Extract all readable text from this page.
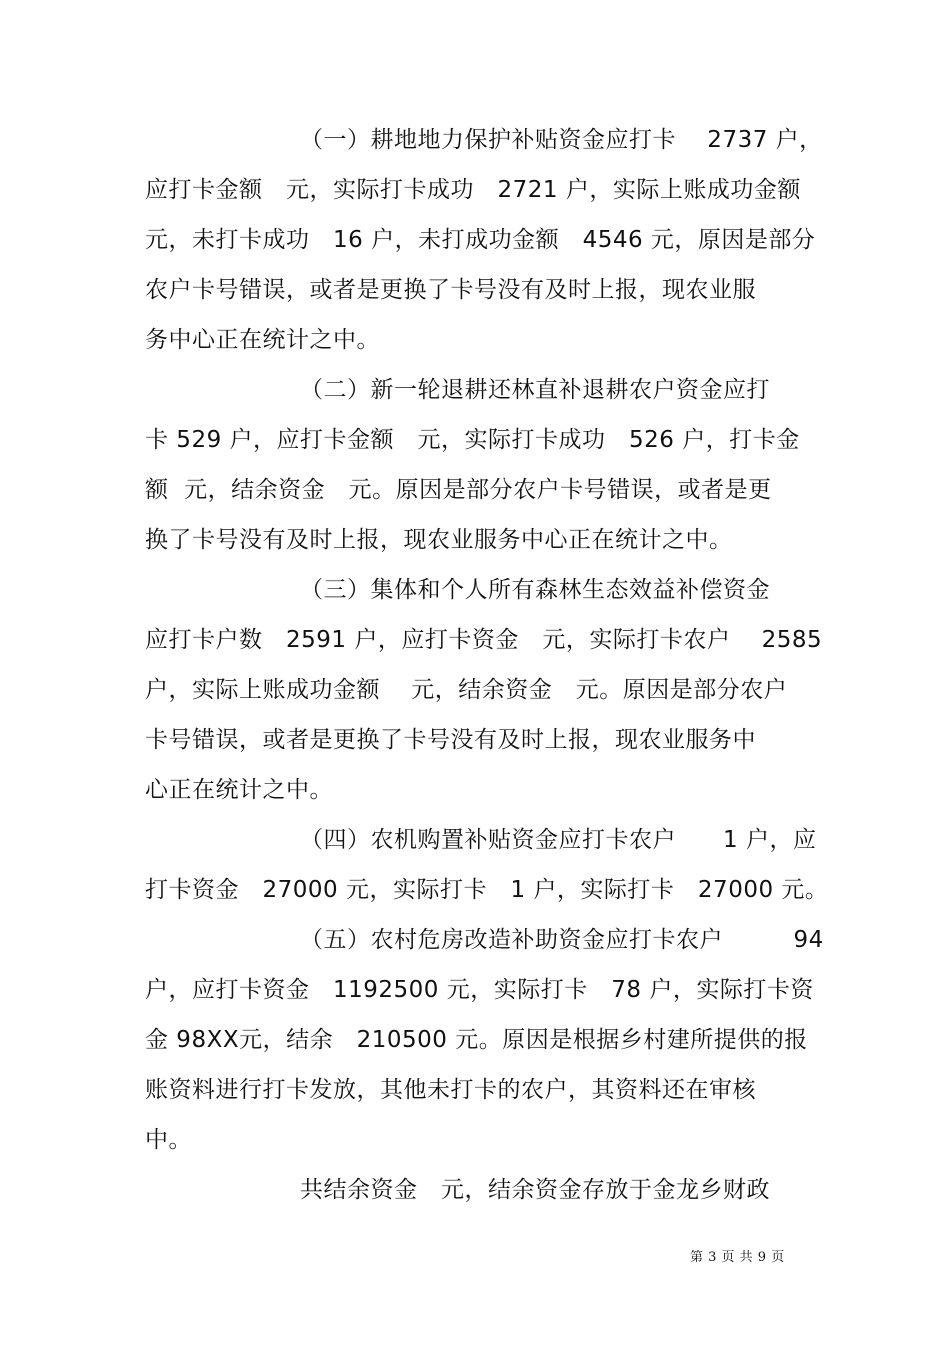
（一）耕地地力保护补贴资金应打卡　 2737 户，
应打卡金额　元，实际打卡成功　2721 户，实际上账成功金额
元，未打卡成功　16 户，未打成功金额　4546 元，原因是部分
农户卡号错误，或者是更换了卡号没有及时上报，现农业服
务中心正在统计之中。
（二）新一轮退耕还林直补退耕农户资金应打
卡 529 户，应打卡金额　元，实际打卡成功　526 户，打卡金
额  元，结余资金　元。原因是部分农户卡号错误，或者是更
换了卡号没有及时上报，现农业服务中心正在统计之中。
（三）集体和个人所有森林生态效益补偿资金
应打卡户数　2591 户，应打卡资金　元，实际打卡农户　 2585
户，实际上账成功金额　 元，结余资金　元。原因是部分农户
卡号错误，或者是更换了卡号没有及时上报，现农业服务中
心正在统计之中。
（四）农机购置补贴资金应打卡农户　　1 户，应
打卡资金　27000 元，实际打卡　1 户，实际打卡　27000 元。
（五）农村危房改造补助资金应打卡农户　　　94
户，应打卡资金　1192500 元，实际打卡　78 户，实际打卡资
金 98XX元，结余　210500 元。原因是根据乡村建所提供的报
账资料进行打卡发放，其他未打卡的农户，其资料还在审核
中。
共结余资金　元，结余资金存放于金龙乡财政
第 3 页 共 9 页
